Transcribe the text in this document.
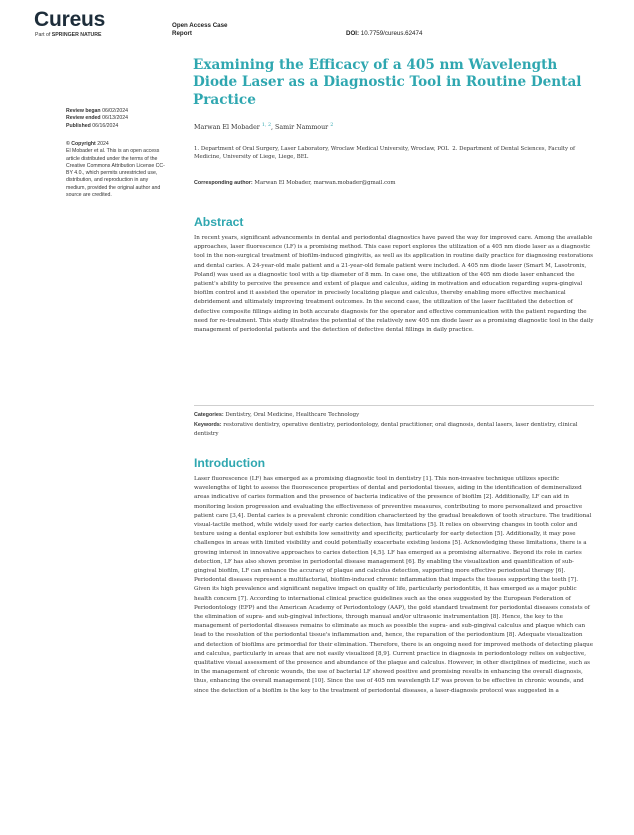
Cureus
Part of SPRINGER NATURE
Open Access Case
Report	DOI: 10.7759/cureus.62474
Examining the Efficacy of a 405 nm Wavelength Diode Laser as a Diagnostic Tool in Routine Dental Practice
Review began 06/02/2024
Review ended 06/13/2024
Published 06/16/2024
© Copyright 2024
El Mobader et al. This is an open access article distributed under the terms of the Creative Commons Attribution License CC-BY 4.0., which permits unrestricted use, distribution, and reproduction in any medium, provided the original author and source are credited.
Marwan El Mobader $^{1, 2}$, Samir Nammour $^2$
1. Department of Oral Surgery, Laser Laboratory, Wroclaw Medical University, Wroclaw, POL 2. Department of Dental Sciences, Faculty of Medicine, University of Liege, Liege, BEL
Corresponding author: Marwan El Mobader, marwan.mobader@gmail.com
Abstract

In recent years, significant advancements in dental and periodontal diagnostics have paved the way for improved care. Among the available approaches, laser fluorescence (LF) is a promising method. This case report explores the utilization of a 405 nm diode laser as a diagnostic tool in the non-surgical treatment of biofilm-induced gingivitis, as well as its application in routine daily practice for diagnosing restorations and dental caries. A 24-year-old male patient and a 21-year-old female patient were included. A 405 nm diode laser (Smart M, Lasotronix, Poland) was used as a diagnostic tool with a tip diameter of 8 mm. In case one, the utilization of the 405 nm diode laser enhanced the patient's ability to perceive the presence and extent of plaque and calculus, aiding in motivation and education regarding supra-gingival biofilm control and it assisted the operator in precisely localizing plaque and calculus, thereby enabling more effective mechanical debridement and ultimately improving treatment outcomes. In the second case, the utilization of the laser facilitated the detection of defective composite fillings aiding in both accurate diagnosis for the operator and effective communication with the patient regarding the need for re-treatment. This study illustrates the potential of the relatively new 405 nm diode laser as a promising diagnostic tool in the daily management of periodontal patients and the detection of defective dental fillings in daily practice.

Categories: Dentistry, Oral Medicine, Healthcare Technology
Keywords: restorative dentistry, operative dentistry, periodontology, dental practitioner, oral diagnosis, dental lasers, laser dentistry, clinical dentistry
Introduction

Laser fluorescence (LF) has emerged as a promising diagnostic tool in dentistry [1]. This non-invasive technique utilizes specific wavelengths of light to assess the fluorescence properties of dental and periodontal tissues, aiding in the identification of demineralized areas indicative of caries formation and the presence of bacteria indicative of the presence of biofilm [2]. Additionally, LF can aid in monitoring lesion progression and evaluating the effectiveness of preventive measures, contributing to more personalized and proactive patient care [3,4]. Dental caries is a prevalent chronic condition characterized by the gradual breakdown of tooth structure. The traditional visual-tactile method, while widely used for early caries detection, has limitations [5]. It relies on observing changes in tooth color and texture using a dental explorer but exhibits low sensitivity and specificity, particularly for early detection [5]. Additionally, it may pose challenges in areas with limited visibility and could potentially exacerbate existing lesions [5]. Acknowledging these limitations, there is a growing interest in innovative approaches to caries detection [4,5]. LF has emerged as a promising alternative. Beyond its role in caries detection, LF has also shown promise in periodontal disease management [6]. By enabling the visualization and quantification of sub-gingival biofilm, LF can enhance the accuracy of plaque and calculus detection, supporting more effective periodontal therapy [6]. Periodontal diseases represent a multifactorial, biofilm-induced chronic inflammation that impacts the tissues supporting the teeth [7]. Given its high prevalence and significant negative impact on quality of life, particularly periodontitis, it has emerged as a major public health concern [7]. According to international clinical practice guidelines such as the ones suggested by the European Federation of Periodontology (EFP) and the American Academy of Periodontology (AAP), the gold standard treatment for periodontal diseases consists of the elimination of supra- and sub-gingival infections, through manual and/or ultrasonic instrumentation [8]. Hence, the key to the management of periodontal diseases remains to eliminate as much as possible the supra- and sub-gingival calculus and plaque which can lead to the resolution of the periodontal tissue's inflammation and, hence, the reparation of the periodontium [8]. Adequate visualization and detection of biofilms are primordial for their elimination. Therefore, there is an ongoing need for improved methods of detecting plaque and calculus, particularly in areas that are not easily visualized [8,9]. Current practice in diagnosis in periodontology relies on subjective, qualitative visual assessment of the presence and abundance of the plaque and calculus. However, in other disciplines of medicine, such as in the management of chronic wounds, the use of bacterial LF showed positive and promising results in enhancing the overall diagnosis, thus, enhancing the overall management [10]. Since the use of 405 nm wavelength LF was proven to be effective in chronic wounds, and since the detection of a biofilm is the key to the treatment of periodontal diseases, a laser-diagnosis protocol was suggested in a
